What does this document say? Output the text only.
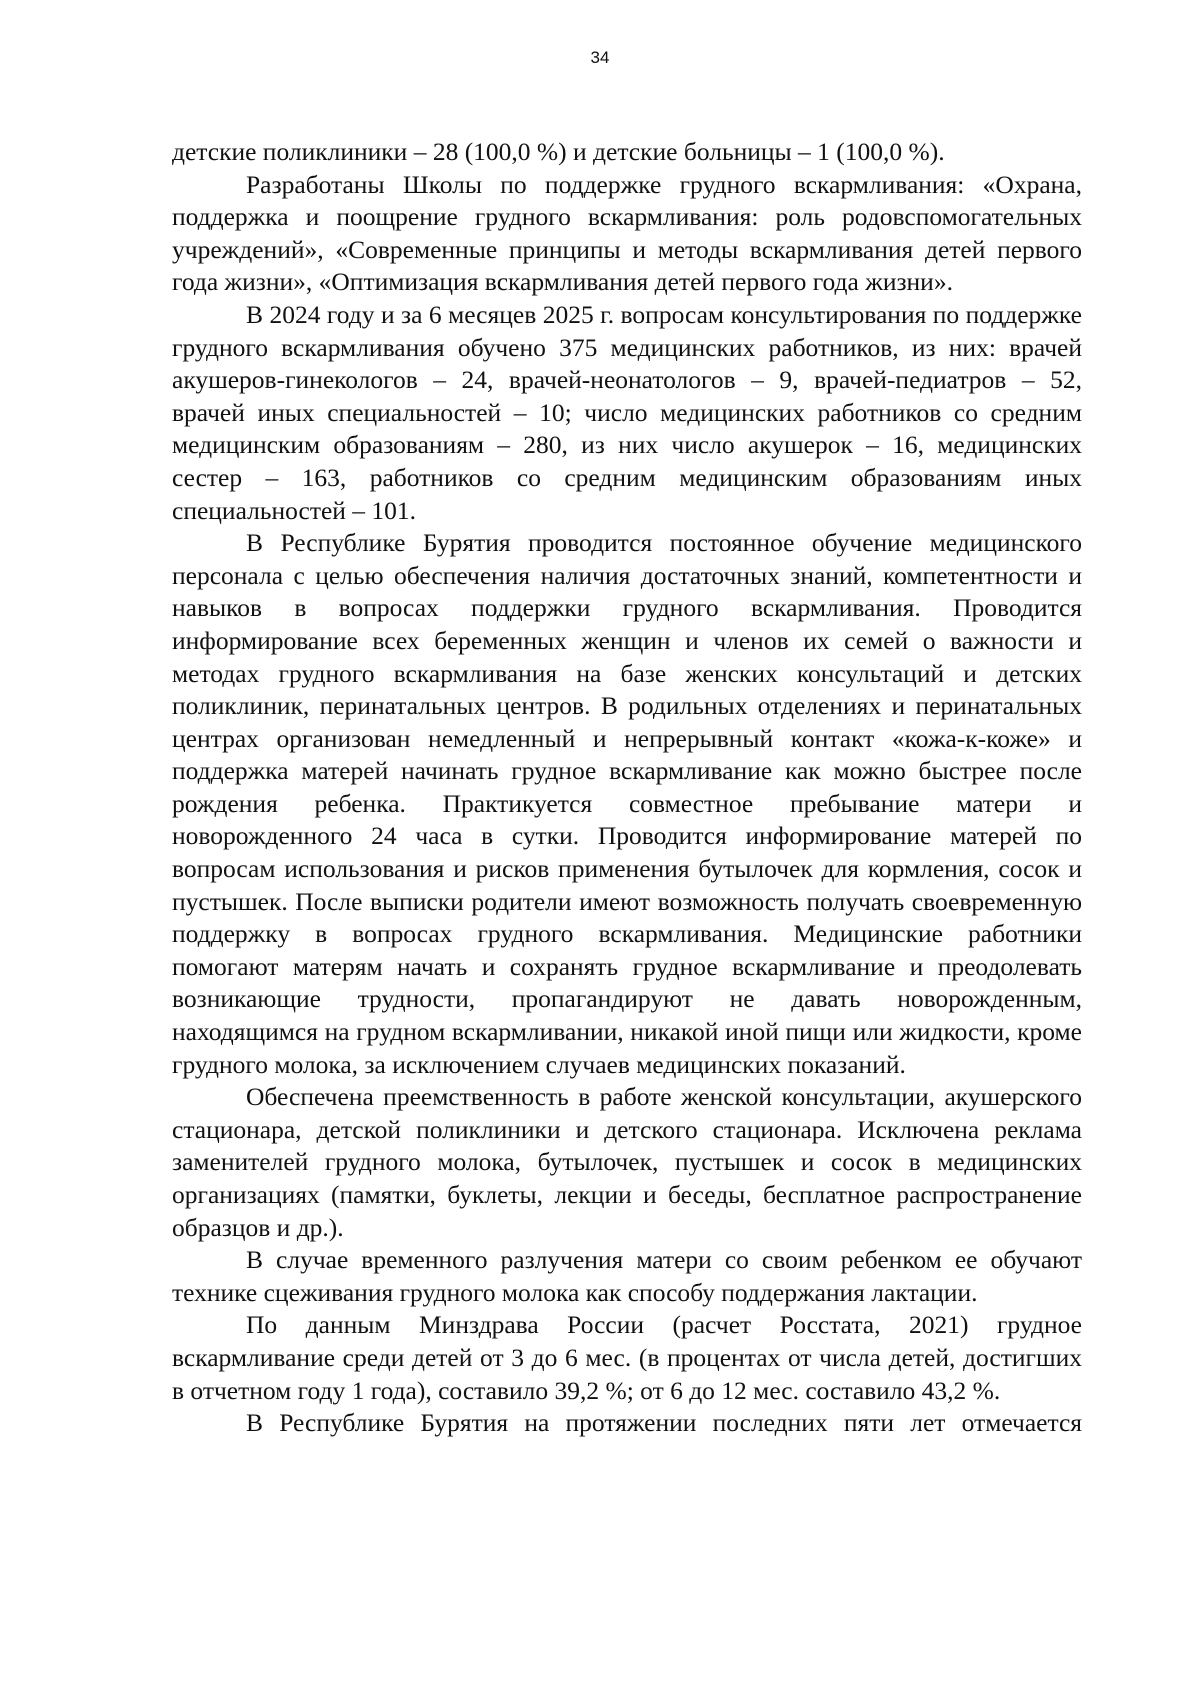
34

детские поликлиники – 28 (100,0 %) и детские больницы – 1 (100,0 %).

Разработаны Школы по поддержке грудного вскармливания: «Охрана, поддержка и поощрение грудного вскармливания: роль родовспомогательных учреждений», «Современные принципы и методы вскармливания детей первого года жизни», «Оптимизация вскармливания детей первого года жизни».

В 2024 году и за 6 месяцев 2025 г. вопросам консультирования по поддержке грудного вскармливания обучено 375 медицинских работников, из них: врачей акушеров-гинекологов – 24, врачей-неонатологов – 9, врачей-педиатров – 52, врачей иных специальностей – 10; число медицинских работников со средним медицинским образованиям – 280, из них число акушерок – 16, медицинских сестер – 163, работников со средним медицинским образованиям иных специальностей – 101.

В Республике Бурятия проводится постоянное обучение медицинского персонала с целью обеспечения наличия достаточных знаний, компетентности и навыков в вопросах поддержки грудного вскармливания. Проводится информирование всех беременных женщин и членов их семей о важности и методах грудного вскармливания на базе женских консультаций и детских поликлиник, перинатальных центров. В родильных отделениях и перинатальных центрах организован немедленный и непрерывный контакт «кожа-к-коже» и поддержка матерей начинать грудное вскармливание как можно быстрее после рождения ребенка. Практикуется совместное пребывание матери и новорожденного 24 часа в сутки. Проводится информирование матерей по вопросам использования и рисков применения бутылочек для кормления, сосок и пустышек. После выписки родители имеют возможность получать своевременную поддержку в вопросах грудного вскармливания. Медицинские работники помогают матерям начать и сохранять грудное вскармливание и преодолевать возникающие трудности, пропагандируют не давать новорожденным, находящимся на грудном вскармливании, никакой иной пищи или жидкости, кроме грудного молока, за исключением случаев медицинских показаний.

Обеспечена преемственность в работе женской консультации, акушерского стационара, детской поликлиники и детского стационара. Исключена реклама заменителей грудного молока, бутылочек, пустышек и сосок в медицинских организациях (памятки, буклеты, лекции и беседы, бесплатное распространение образцов и др.).

В случае временного разлучения матери со своим ребенком ее обучают технике сцеживания грудного молока как способу поддержания лактации.

По данным Минздрава России (расчет Росстата, 2021) грудное вскармливание среди детей от 3 до 6 мес. (в процентах от числа детей, достигших в отчетном году 1 года), составило 39,2 %; от 6 до 12 мес. составило 43,2 %.

В Республике Бурятия на протяжении последних пяти лет отмечается
